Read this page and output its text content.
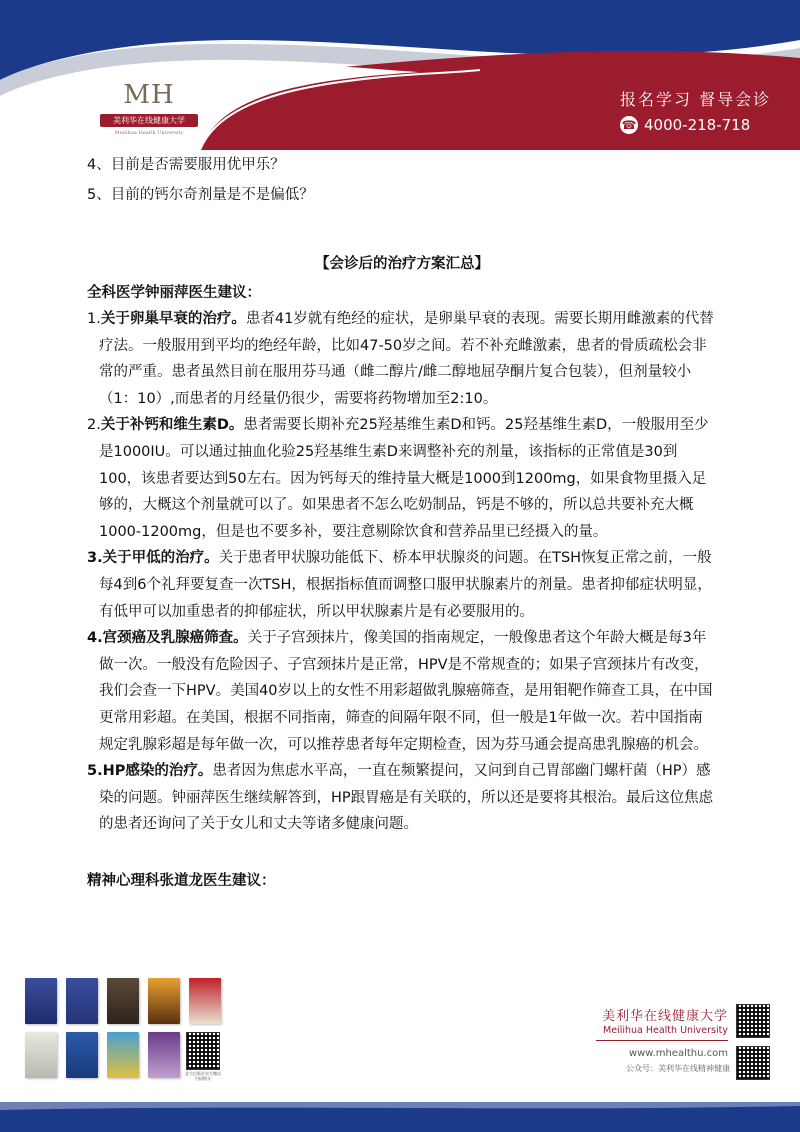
MH
美利华在线健康大学
Meilihua Health University
报名学习 督导会诊
☎ 4000-218-718
4、目前是否需要服用优甲乐？
5、目前的钙尔奇剂量是不是偏低？
【会诊后的治疗方案汇总】
全科医学钟丽萍医生建议：
1.关于卵巢早衰的治疗。患者41岁就有绝经的症状，是卵巢早衰的表现。需要长期用雌激素的代替疗法。一般服用到平均的绝经年龄，比如47-50岁之间。若不补充雌激素，患者的骨质疏松会非常的严重。患者虽然目前在服用芬马通（雌二醇片/雌二醇地屈孕酮片复合包装），但剂量较小（1：10）,而患者的月经量仍很少，需要将药物增加至2:10。
2.关于补钙和维生素D。患者需要长期补充25羟基维生素D和钙。25羟基维生素D，一般服用至少是1000IU。可以通过抽血化验25羟基维生素D来调整补充的剂量，该指标的正常值是30到100，该患者要达到50左右。因为钙每天的维持量大概是1000到1200mg，如果食物里摄入足够的，大概这个剂量就可以了。如果患者不怎么吃奶制品，钙是不够的，所以总共要补充大概1000-1200mg，但是也不要多补，要注意剔除饮食和营养品里已经摄入的量。
3.关于甲低的治疗。关于患者甲状腺功能低下、桥本甲状腺炎的问题。在TSH恢复正常之前，一般每4到6个礼拜要复查一次TSH，根据指标值而调整口服甲状腺素片的剂量。患者抑郁症状明显，有低甲可以加重患者的抑郁症状，所以甲状腺素片是有必要服用的。
4.宫颈癌及乳腺癌筛查。关于子宫颈抹片，像美国的指南规定，一般像患者这个年龄大概是每3年做一次。一般没有危险因子、子宫颈抹片是正常，HPV是不常规查的；如果子宫颈抹片有改变，我们会查一下HPV。美国40岁以上的女性不用彩超做乳腺癌筛查，是用钼靶作筛查工具，在中国更常用彩超。在美国，根据不同指南，筛查的间隔年限不同，但一般是1年做一次。若中国指南规定乳腺彩超是每年做一次，可以推荐患者每年定期检查，因为芬马通会提高患乳腺癌的机会。
5.HP感染的治疗。患者因为焦虑水平高，一直在频繁提问，又问到自己胃部幽门螺杆菌（HP）感染的问题。钟丽萍医生继续解答到，HP跟胃癌是有关联的，所以还是要将其根治。最后这位焦虑的患者还询问了关于女儿和丈夫等诸多健康问题。
精神心理科张道龙医生建议：
北大出版社官方微店 扫码购买
美利华在线健康大学
Meilihua Health University
www.mhealthu.com
公众号：美利华在线精神健康
